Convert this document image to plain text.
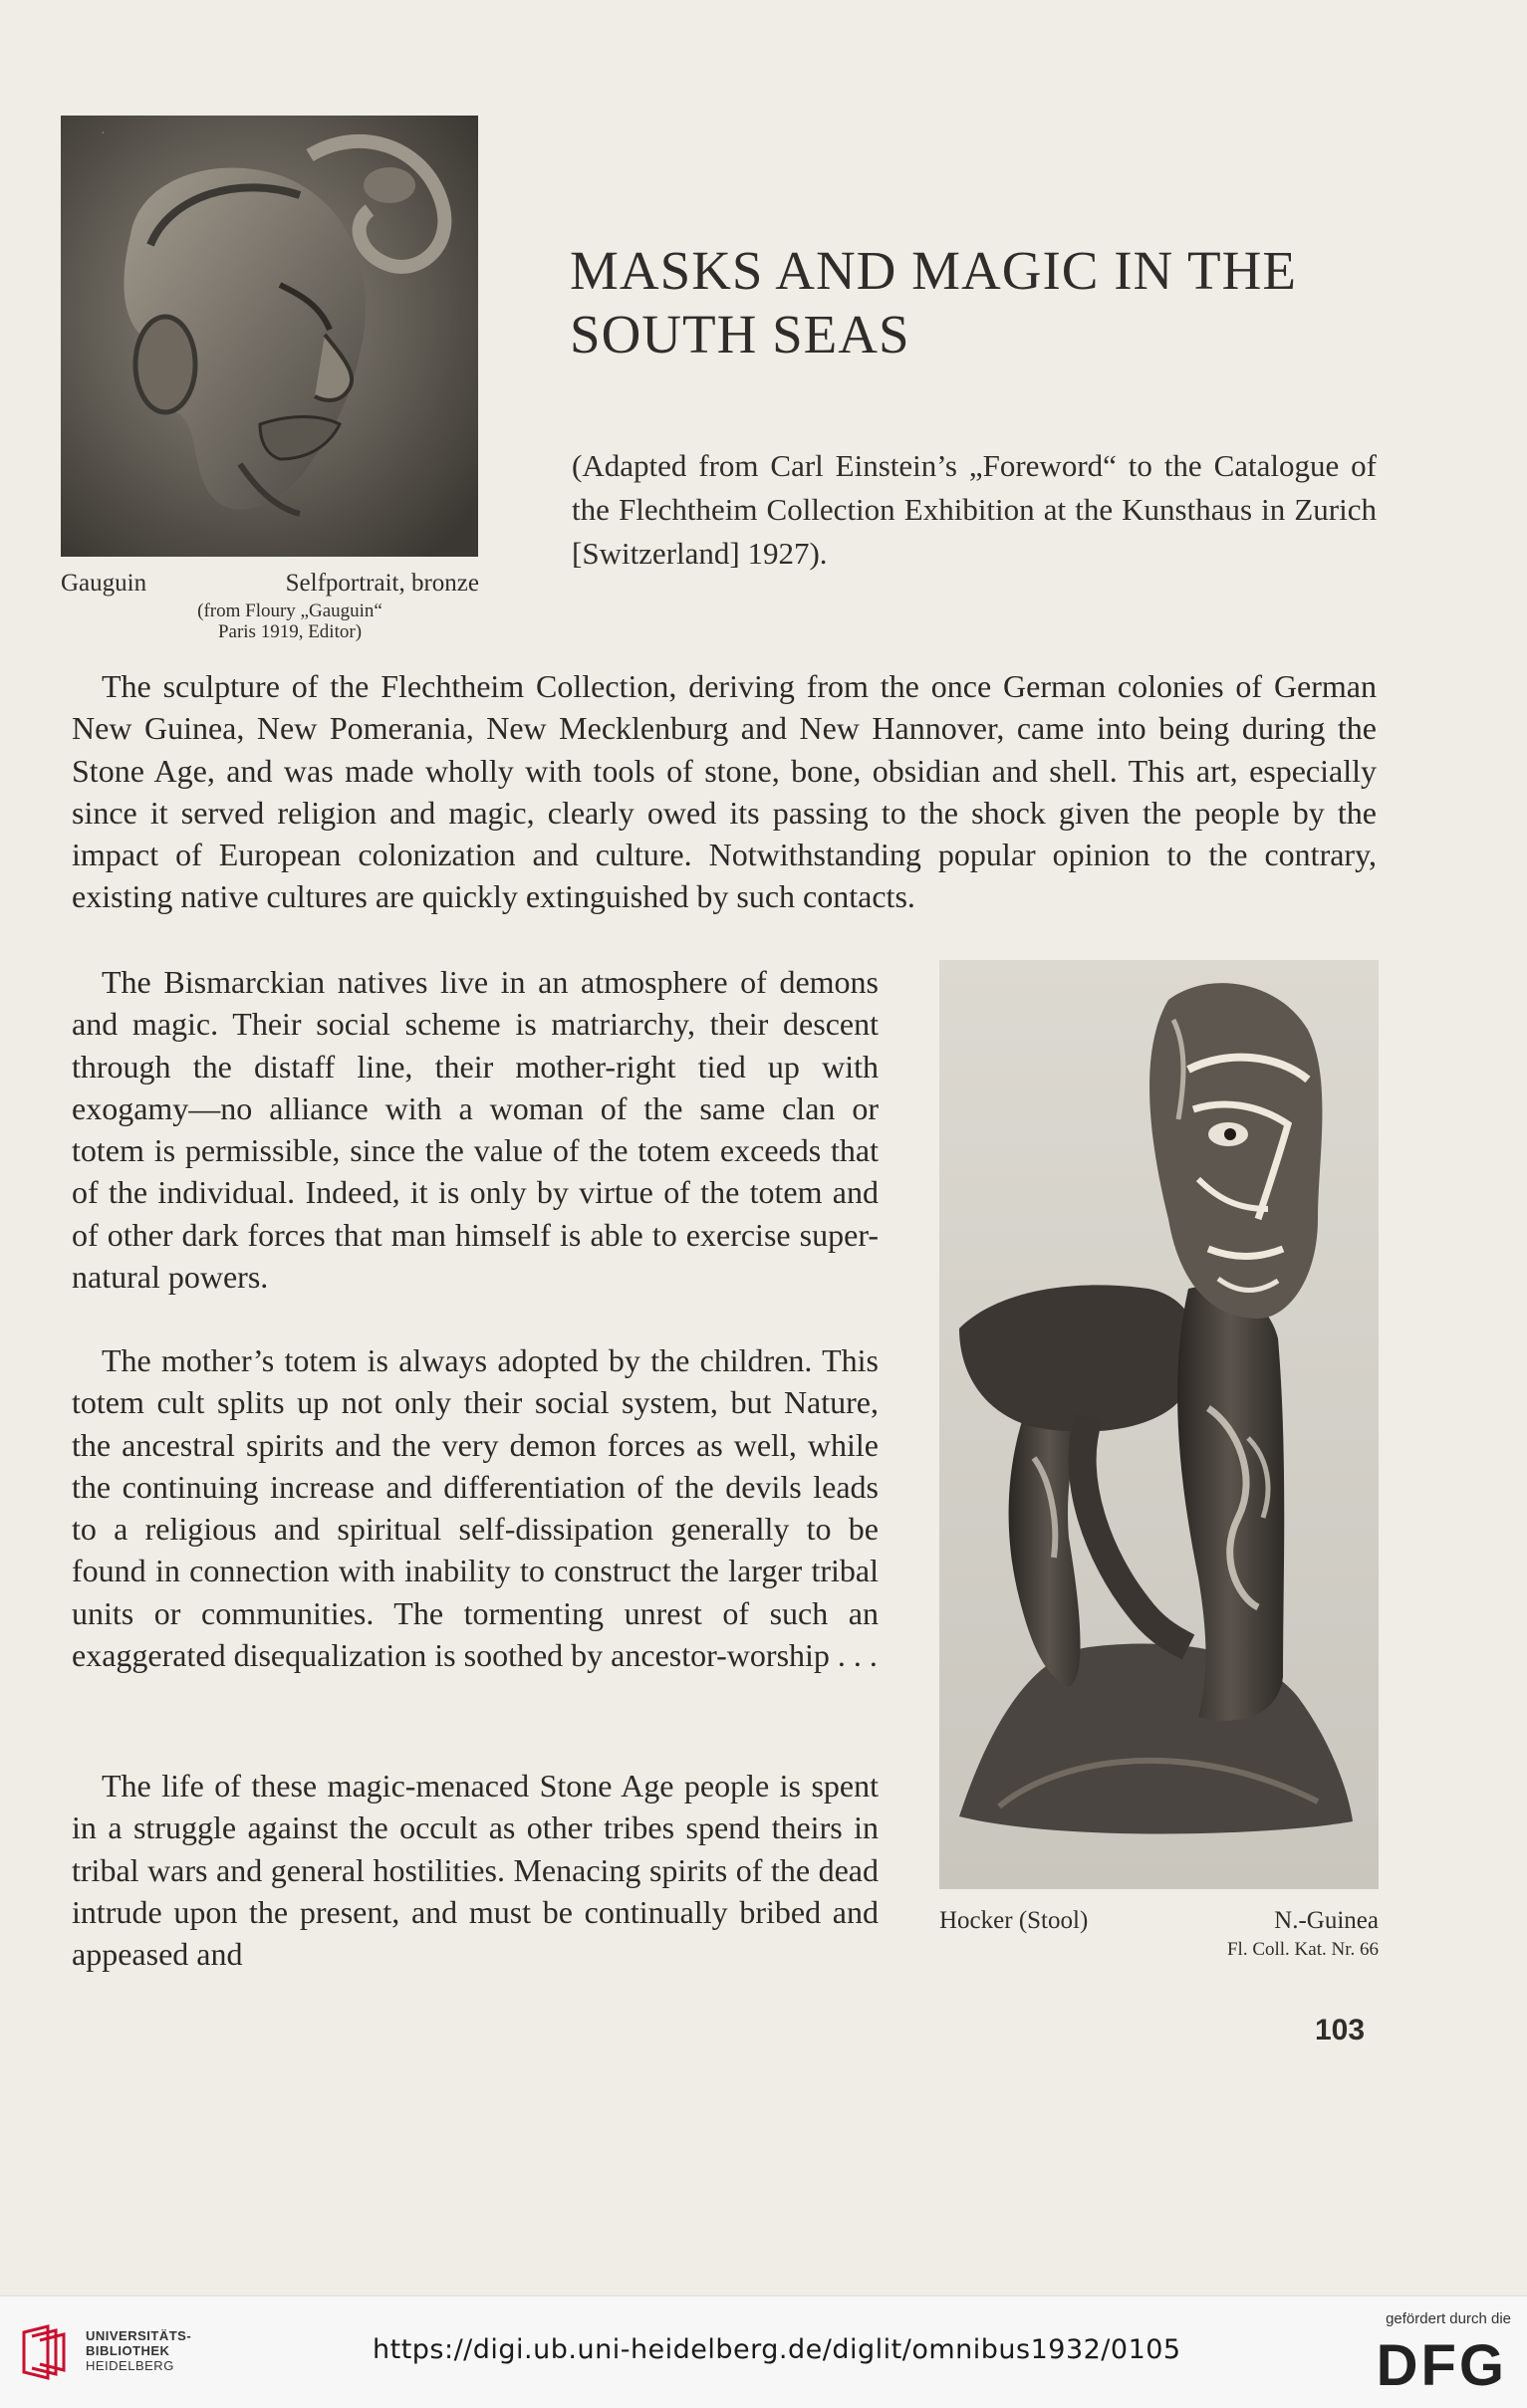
·
MASKS AND MAGIC IN THE
SOUTH SEAS
(Adapted from Carl Einstein’s „Foreword“ to the Catalogue of the Flechtheim Collection Exhibition at the Kunsthaus in Zurich [Switzerland] 1927).
Gauguin	Selfportrait, bronze
(from Floury „Gauguin“
Paris 1919, Editor)

The sculpture of the Flechtheim Collection, deriving from the once German colonies of German New Guinea, New Pomerania, New Mecklenburg and New Hannover, came into being during the Stone Age, and was made wholly with tools of stone, bone, obsidian and shell. This art, especially since it served religion and magic, clearly owed its passing to the shock given the people by the impact of European colonization and culture. Notwithstanding popular opinion to the contrary, existing native cultures are quickly extinguished by such contacts.

The Bismarckian natives live in an atmosphere of demons and magic. Their social scheme is matriarchy, their descent through the distaff line, their mother-right tied up with exogamy—no alliance with a woman of the same clan or totem is permissible, since the value of the totem exceeds that of the individual. Indeed, it is only by virtue of the totem and of other dark forces that man himself is able to exercise super-natural powers.

The mother’s totem is always adopted by the children. This totem cult splits up not only their social system, but Nature, the ancestral spirits and the very demon forces as well, while the continuing increase and differentiation of the devils leads to a religious and spiritual self-dissipation generally to be found in connection with inability to construct the larger tribal units or communities. The tormenting unrest of such an exaggerated disequalization is soothed by ancestor-worship . . .

The life of these magic-menaced Stone Age people is spent in a struggle against the occult as other tribes spend theirs in tribal wars and general hostilities. Menacing spirits of the dead intrude upon the present, and must be continually bribed and appeased and

Hocker (Stool)	N.-Guinea
Fl. Coll. Kat. Nr. 66
103
UNIVERSITÄTS-
BIBLIOTHEK
HEIDELBERG
https://digi.ub.uni-heidelberg.de/diglit/omnibus1932/0105
gefördert durch die
DFG
